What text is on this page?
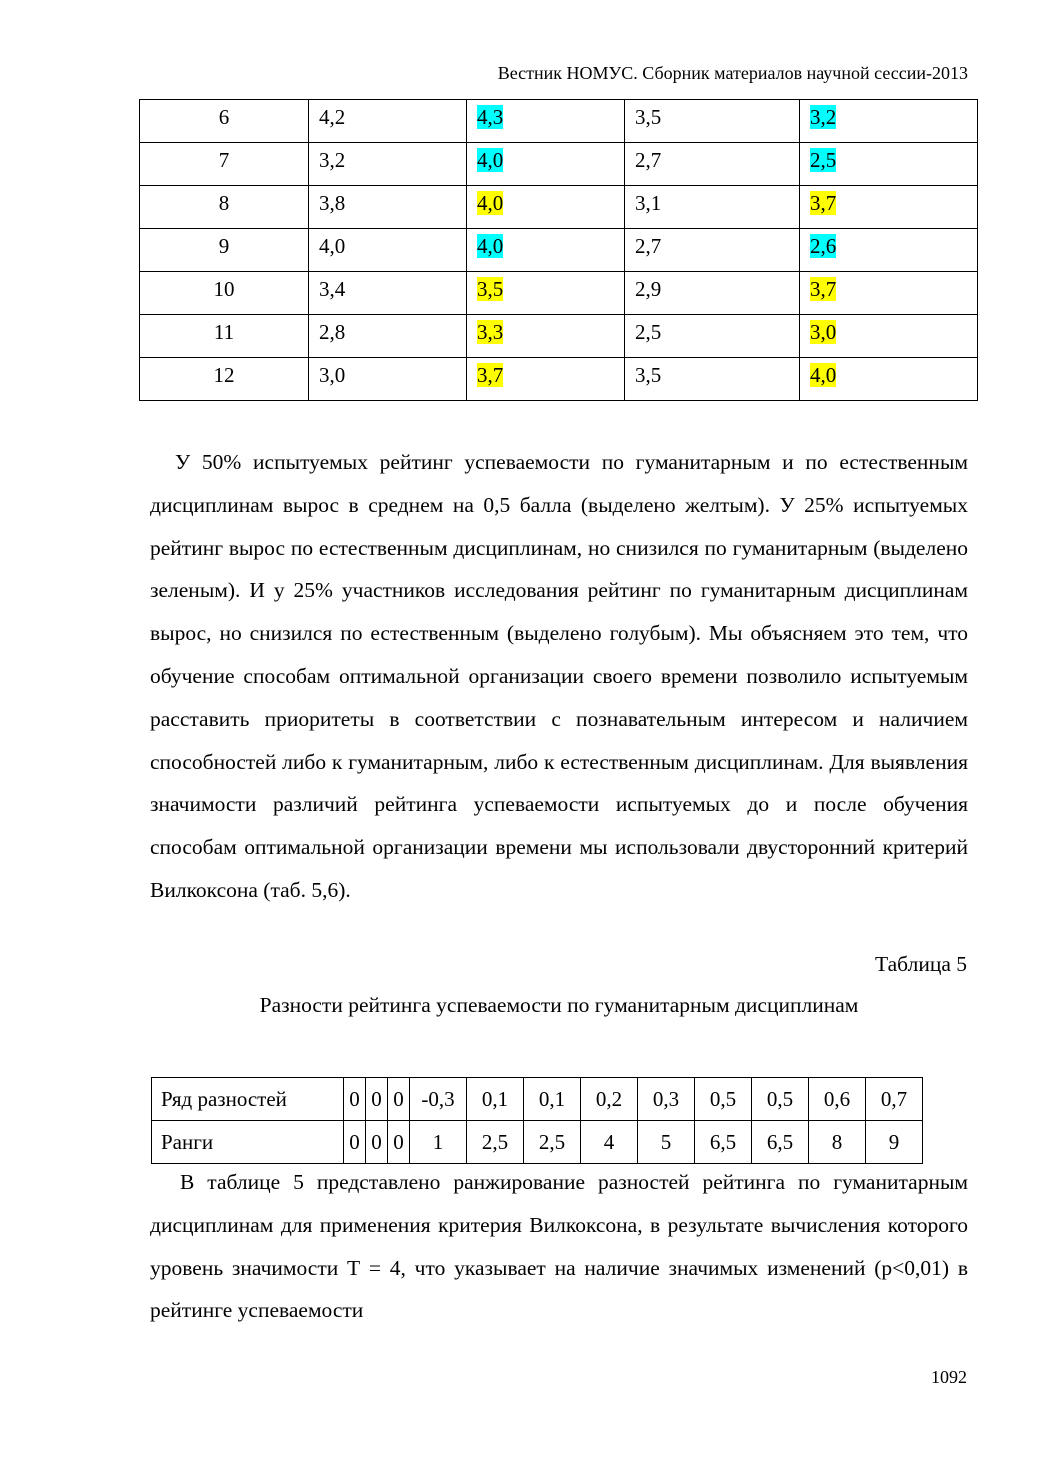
Вестник НОМУС. Сборник материалов научной сессии-2013
6	4,2	4,3	3,5	3,2
7	3,2	4,0	2,7	2,5
8	3,8	4,0	3,1	3,7
9	4,0	4,0	2,7	2,6
10	3,4	3,5	2,9	3,7
11	2,8	3,3	2,5	3,0
12	3,0	3,7	3,5	4,0

У 50% испытуемых рейтинг успеваемости по гуманитарным и по естественным дисциплинам вырос в среднем на 0,5 балла (выделено желтым). У 25% испытуемых рейтинг вырос по естественным дисциплинам, но снизился по гуманитарным (выделено зеленым). И у 25% участников исследования рейтинг по гуманитарным дисциплинам вырос, но снизился по естественным (выделено голубым). Мы объясняем это тем, что обучение способам оптимальной организации своего времени позволило испытуемым расставить приоритеты в соответствии с познавательным интересом и наличием способностей либо к гуманитарным, либо к естественным дисциплинам. Для выявления значимости различий рейтинга успеваемости испытуемых до и после обучения способам оптимальной организации времени мы использовали двусторонний критерий Вилкоксона (таб. 5,6).

Таблица 5
Разности рейтинга успеваемости по гуманитарным дисциплинам
Ряд разностей	0	0	0	-0,3	0,1	0,1	0,2	0,3	0,5	0,5	0,6	0,7
Ранги	0	0	0	1	2,5	2,5	4	5	6,5	6,5	8	9

В таблице 5 представлено ранжирование разностей рейтинга по гуманитарным дисциплинам для применения критерия Вилкоксона, в результате вычисления которого уровень значимости Т = 4, что указывает на наличие значимых изменений (р<0,01) в рейтинге успеваемости

1092
